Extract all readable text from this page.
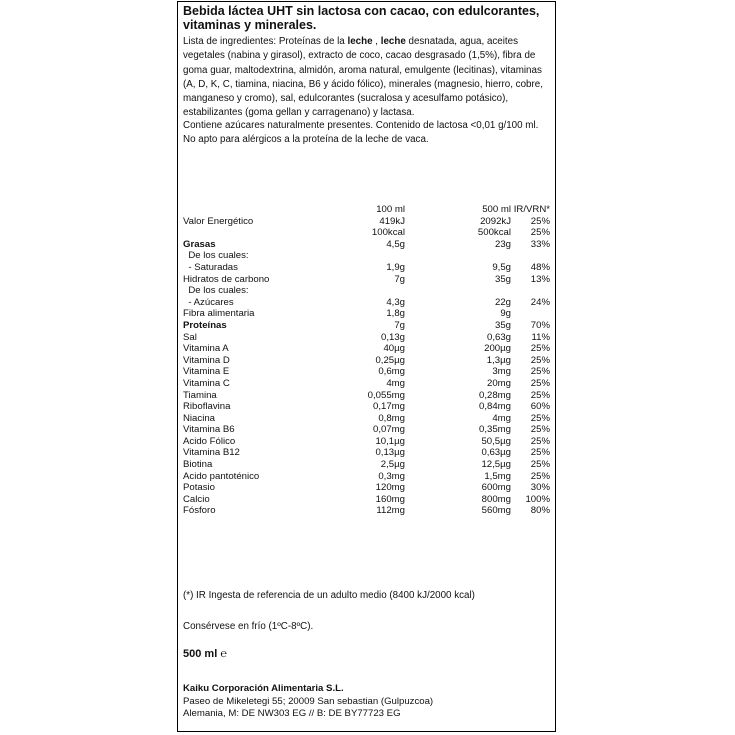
Bebida láctea UHT sin lactosa con cacao, con edulcorantes, vitaminas y minerales.
Lista de ingredientes: Proteínas de la leche , leche desnatada, agua, aceites vegetales (nabina y girasol), extracto de coco, cacao desgrasado (1,5%), fibra de goma guar, maltodextrina, almidón, aroma natural, emulgente (lecitinas), vitaminas (A, D, K, C, tiamina, niacina, B6 y ácido fólico), minerales (magnesio, hierro, cobre, manganeso y cromo), sal, edulcorantes (sucralosa y acesulfamo potásico), estabilizantes (goma gellan y carragenano) y lactasa.
Contiene azúcares naturalmente presentes. Contenido de lactosa <0,01 g/100 ml.
No apto para alérgicos a la proteína de la leche de vaca.
100 ml	500 ml IR/VRN*
Valor Energético	419kJ	2092kJ 25%
100kcal	500kcal 25%
Grasas	4,5g	23g 33%
De los cuales:
- Saturadas	1,9g	9,5g 48%
Hidratos de carbono	7g	35g 13%
De los cuales:
- Azúcares	4,3g	22g 24%
Fibra alimentaria	1,8g	9g
Proteínas	7g	35g 70%
Sal	0,13g	0,63g 11%
Vitamina A	40µg	200µg 25%
Vitamina D	0,25µg	1,3µg 25%
Vitamina E	0,6mg	3mg 25%
Vitamina C	4mg	20mg 25%
Tiamina	0,055mg	0,28mg 25%
Riboflavina	0,17mg	0,84mg 60%
Niacina	0,8mg	4mg 25%
Vitamina B6	0,07mg	0,35mg 25%
Acido Fólico	10,1µg	50,5µg 25%
Vitamina B12	0,13µg	0,63µg 25%
Biotina	2,5µg	12,5µg 25%
Acido pantoténico	0,3mg	1,5mg 25%
Potasio	120mg	600mg 30%
Calcio	160mg	800mg 100%
Fósforo	112mg	560mg 80%
(*) IR Ingesta de referencia de un adulto medio (8400 kJ/2000 kcal)
Consérvese en frío (1ºC-8ºC).
500 ml ℮
Kaiku Corporación Alimentaria S.L.
Paseo de Mikeletegi 55; 20009 San sebastian (Gulpuzcoa)
Alemania, M: DE NW303 EG // B: DE BY77723 EG
